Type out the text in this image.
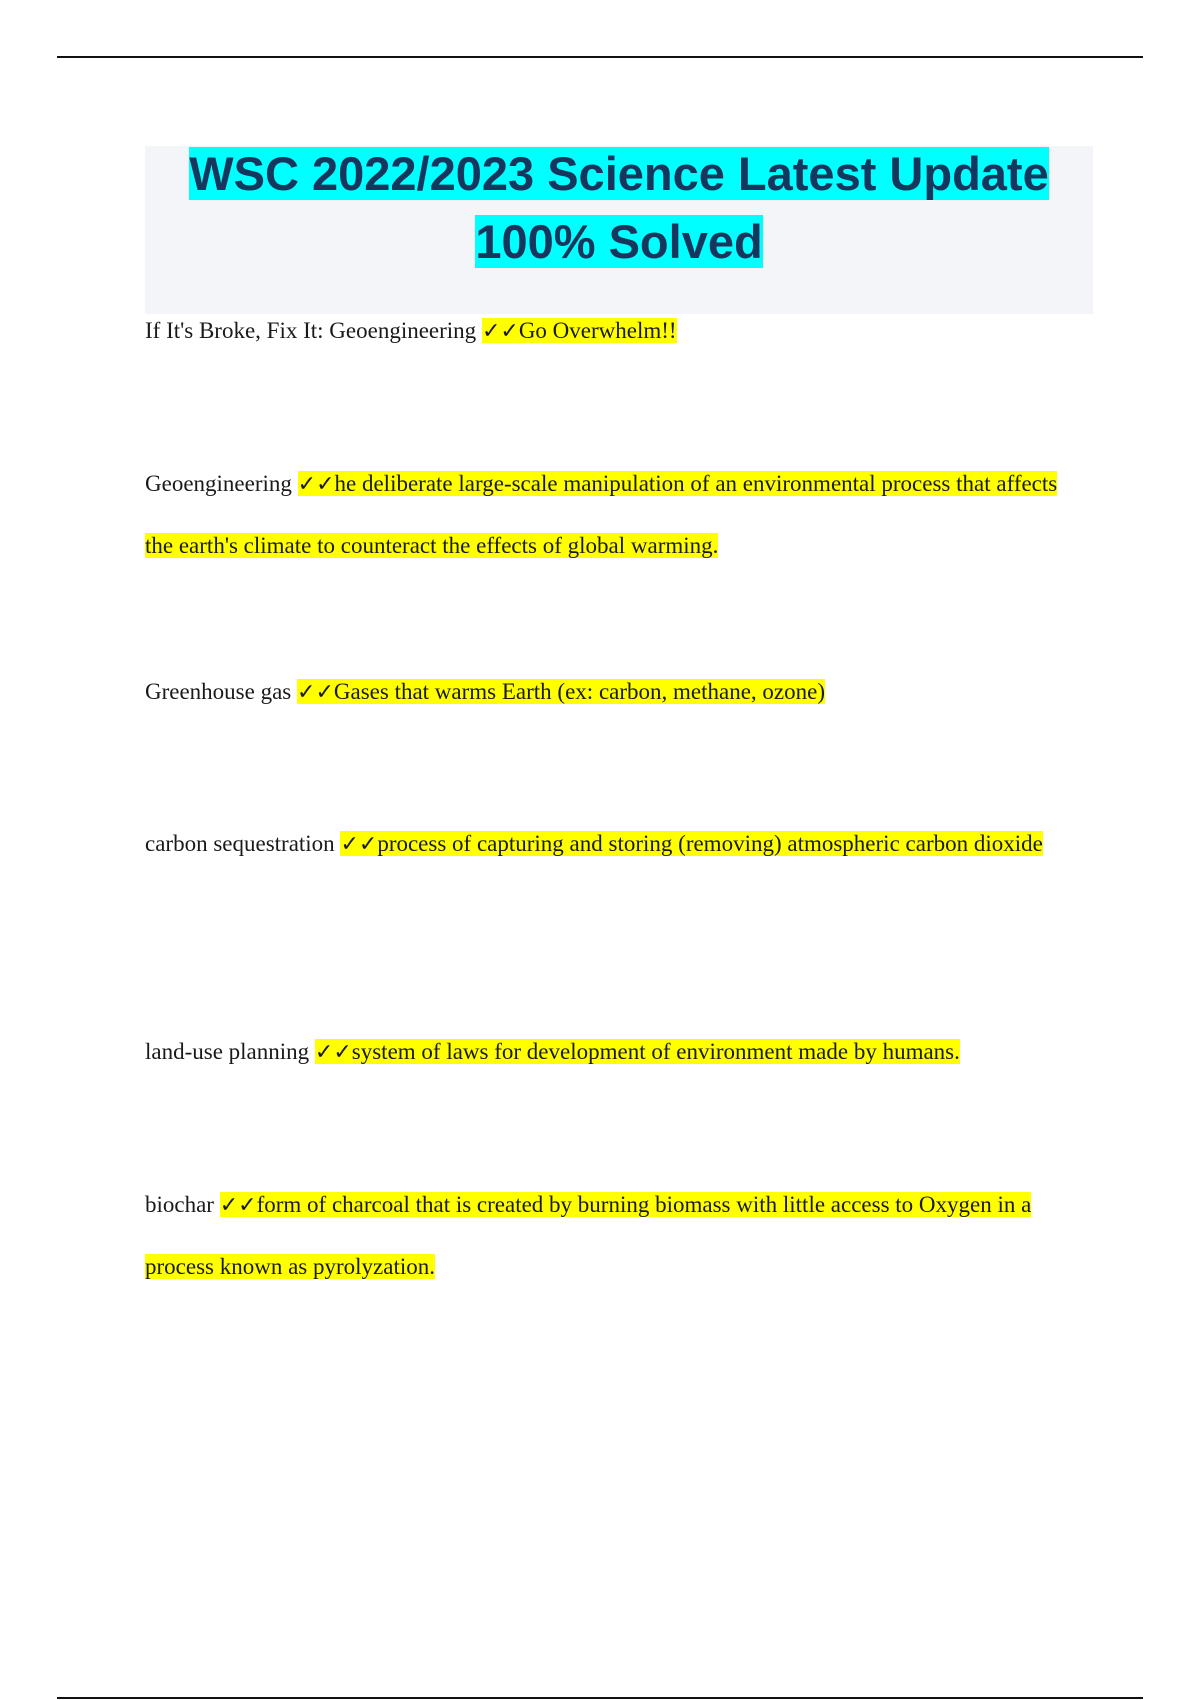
WSC 2022/2023 Science Latest Update 100% Solved
If It's Broke, Fix It: Geoengineering ✓✓Go Overwhelm!!
Geoengineering ✓✓he deliberate large-scale manipulation of an environmental process that affects the earth's climate to counteract the effects of global warming.
Greenhouse gas ✓✓Gases that warms Earth (ex: carbon, methane, ozone)
carbon sequestration ✓✓process of capturing and storing (removing) atmospheric carbon dioxide
land-use planning ✓✓system of laws for development of environment made by humans.
biochar ✓✓form of charcoal that is created by burning biomass with little access to Oxygen in a process known as pyrolyzation.
